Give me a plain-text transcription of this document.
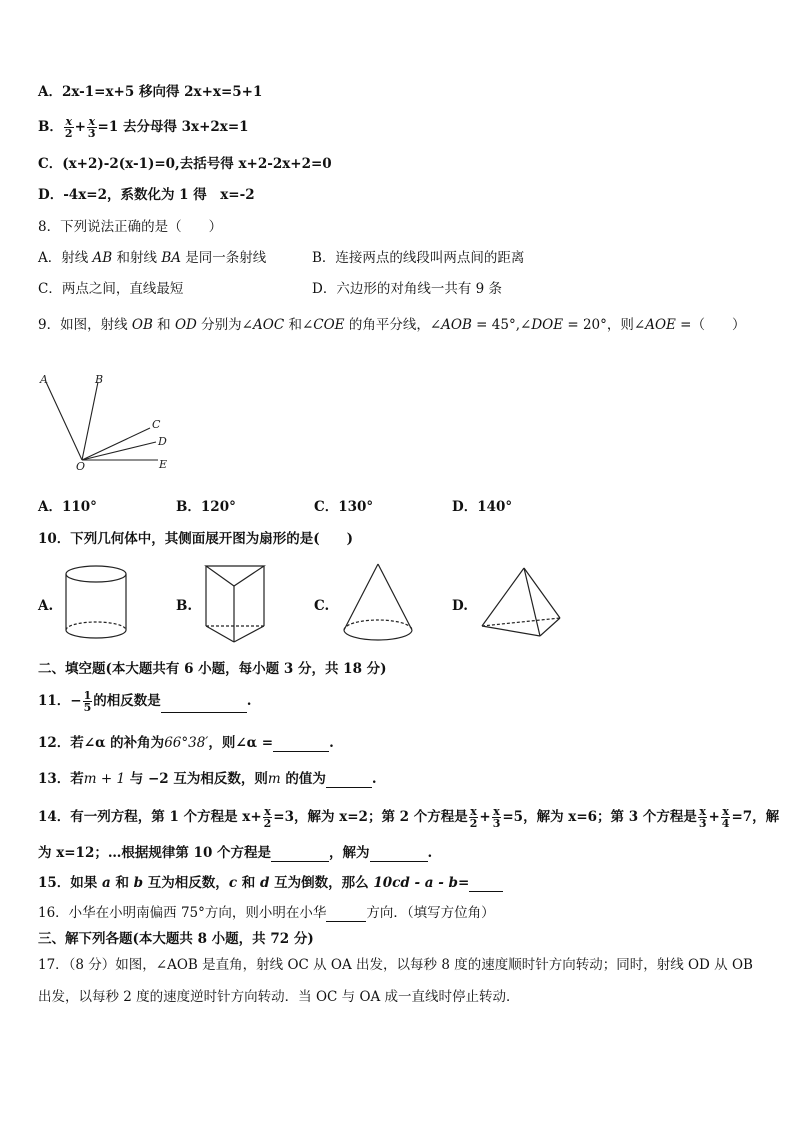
A．2x-1=x+5 移向得 2x+x=5+1
B． $\frac{x}{2} + \frac{x}{3} =1$ 去分母得 3x+2x=1
C．(x+2)-2(x-1)=0,去括号得 x+2-2x+2=0
D．-4x=2，系数化为 1 得　x=-2
8．下列说法正确的是（　　）
A．射线 AB 和射线 BA 是同一条射线	B．连接两点的线段叫两点间的距离
C．两点之间，直线最短	D．六边形的对角线一共有 9 条
9．如图，射线 OB 和 OD 分别为∠AOC 和∠COE 的角平分线，∠AOB = 45°,∠DOE = 20°，则∠AOE =（　　）
A	B
C
D
O	E
A．110°	B．120°	C．130°	D．140°
10．下列几何体中，其侧面展开图为扇形的是(　　)
A.	B.	C.	D.
二、填空题(本大题共有 6 小题，每小题 3 分，共 18 分)
11．− $\frac{1}{5}$ 的相反数是	.
12．若∠α 的补角为66°38′，则∠α =	.
13．若m + 1 与 −2 互为相反数，则m 的值为	.
14．有一列方程，第 1 个方程是 $x+ \frac{x}{2} =3$，解为 x=2；第 2 个方程是 $\frac{x}{2} + \frac{x}{3} =5$，解为 x=6；第 3 个方程是 $\frac{x}{3} + \frac{x}{4} =7$，解
为 x=12；…根据规律第 10 个方程是	，解为	.
15．如果 a 和 b 互为相反数，c 和 d 互为倒数，那么 10cd - a - b=
16．小华在小明南偏西 75°方向，则小明在小华	方向．（填写方位角）
三、解下列各题(本大题共 8 小题，共 72 分)
17．（8 分）如图，∠AOB 是直角，射线 OC 从 OA 出发，以每秒 8 度的速度顺时针方向转动；同时，射线 OD 从 OB
出发，以每秒 2 度的速度逆时针方向转动．当 OC 与 OA 成一直线时停止转动．
